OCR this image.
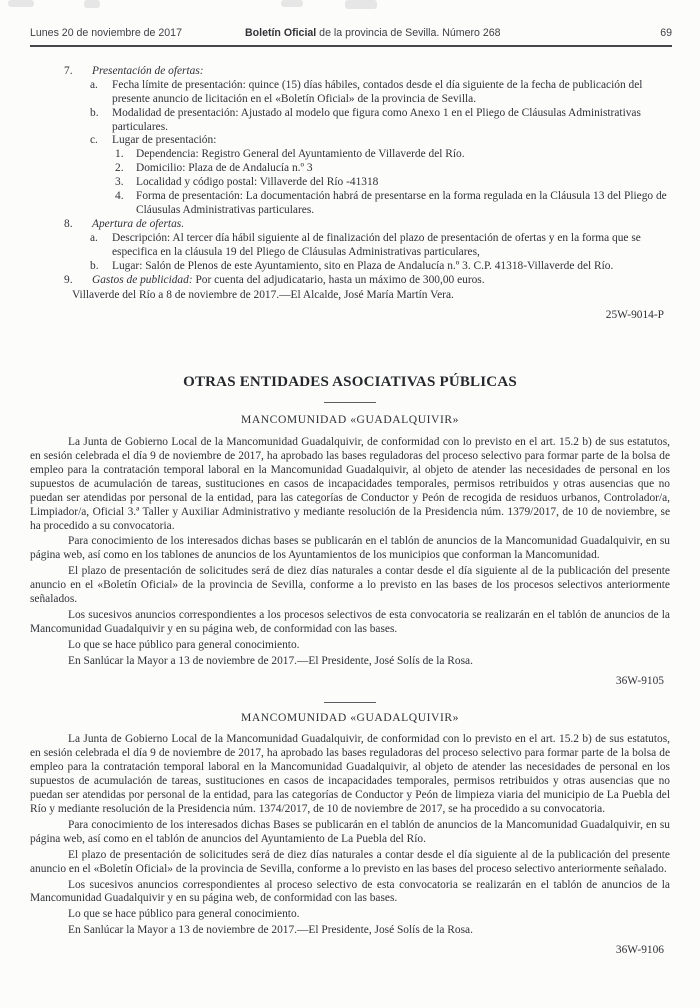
Lunes 20 de noviembre de 2017	Boletín Oficial de la provincia de Sevilla. Número 268	69
7.	Presentación de ofertas:
a.	Fecha límite de presentación: quince (15) días hábiles, contados desde el día siguiente de la fecha de publicación del presente anuncio de licitación en el «Boletín Oficial» de la provincia de Sevilla.
b.	Modalidad de presentación: Ajustado al modelo que figura como Anexo 1 en el Pliego de Cláusulas Administrativas particulares.
c.	Lugar de presentación:
1.	Dependencia: Registro General del Ayuntamiento de Villaverde del Río.
2.	Domicilio: Plaza de de Andalucía n.º 3
3.	Localidad y código postal: Villaverde del Río -41318
4.	Forma de presentación: La documentación habrá de presentarse en la forma regulada en la Cláusula 13 del Pliego de Cláusulas Administrativas particulares.
8.	Apertura de ofertas.
a.	Descripción: Al tercer día hábil siguiente al de finalización del plazo de presentación de ofertas y en la forma que se especifica en la cláusula 19 del Pliego de Cláusulas Administrativas particulares,
b.	Lugar: Salón de Plenos de este Ayuntamiento, sito en Plaza de Andalucía n.º 3. C.P. 41318-Villaverde del Río.
9.	Gastos de publicidad: Por cuenta del adjudicatario, hasta un máximo de 300,00 euros.

Villaverde del Río a 8 de noviembre de 2017.—El Alcalde, José María Martín Vera.

25W-9014-P

OTRAS ENTIDADES ASOCIATIVAS PÚBLICAS
MANCOMUNIDAD «GUADALQUIVIR»

La Junta de Gobierno Local de la Mancomunidad Guadalquivir, de conformidad con lo previsto en el art. 15.2 b) de sus estatutos, en sesión celebrada el día 9 de noviembre de 2017, ha aprobado las bases reguladoras del proceso selectivo para formar parte de la bolsa de empleo para la contratación temporal laboral en la Mancomunidad Guadalquivir, al objeto de atender las necesidades de personal en los supuestos de acumulación de tareas, sustituciones en casos de incapacidades temporales, permisos retribuidos y otras ausencias que no puedan ser atendidas por personal de la entidad, para las categorías de Conductor y Peón de recogida de residuos urbanos, Controlador/a, Limpiador/a, Oficial 3.ª Taller y Auxiliar Administrativo y mediante resolución de la Presidencia núm. 1379/2017, de 10 de noviembre, se ha procedido a su convocatoria.

Para conocimiento de los interesados dichas bases se publicarán en el tablón de anuncios de la Mancomunidad Guadalquivir, en su página web, así como en los tablones de anuncios de los Ayuntamientos de los municipios que conforman la Mancomunidad.

El plazo de presentación de solicitudes será de diez días naturales a contar desde el día siguiente al de la publicación del presente anuncio en el «Boletín Oficial» de la provincia de Sevilla, conforme a lo previsto en las bases de los procesos selectivos anteriormente señalados.

Los sucesivos anuncios correspondientes a los procesos selectivos de esta convocatoria se realizarán en el tablón de anuncios de la Mancomunidad Guadalquivir y en su página web, de conformidad con las bases.

Lo que se hace público para general conocimiento.

En Sanlúcar la Mayor a 13 de noviembre de 2017.—El Presidente, José Solís de la Rosa.

36W-9105

MANCOMUNIDAD «GUADALQUIVIR»

La Junta de Gobierno Local de la Mancomunidad Guadalquivir, de conformidad con lo previsto en el art. 15.2 b) de sus estatutos, en sesión celebrada el día 9 de noviembre de 2017, ha aprobado las bases reguladoras del proceso selectivo para formar parte de la bolsa de empleo para la contratación temporal laboral en la Mancomunidad Guadalquivir, al objeto de atender las necesidades de personal en los supuestos de acumulación de tareas, sustituciones en casos de incapacidades temporales, permisos retribuidos y otras ausencias que no puedan ser atendidas por personal de la entidad, para las categorías de Conductor y Peón de limpieza viaria del municipio de La Puebla del Río y mediante resolución de la Presidencia núm. 1374/2017, de 10 de noviembre de 2017, se ha procedido a su convocatoria.

Para conocimiento de los interesados dichas Bases se publicarán en el tablón de anuncios de la Mancomunidad Guadalquivir, en su página web, así como en el tablón de anuncios del Ayuntamiento de La Puebla del Río.

El plazo de presentación de solicitudes será de diez días naturales a contar desde el día siguiente al de la publicación del presente anuncio en el «Boletín Oficial» de la provincia de Sevilla, conforme a lo previsto en las bases del proceso selectivo anteriormente señalado.

Los sucesivos anuncios correspondientes al proceso selectivo de esta convocatoria se realizarán en el tablón de anuncios de la Mancomunidad Guadalquivir y en su página web, de conformidad con las bases.

Lo que se hace público para general conocimiento.

En Sanlúcar la Mayor a 13 de noviembre de 2017.—El Presidente, José Solís de la Rosa.

36W-9106
